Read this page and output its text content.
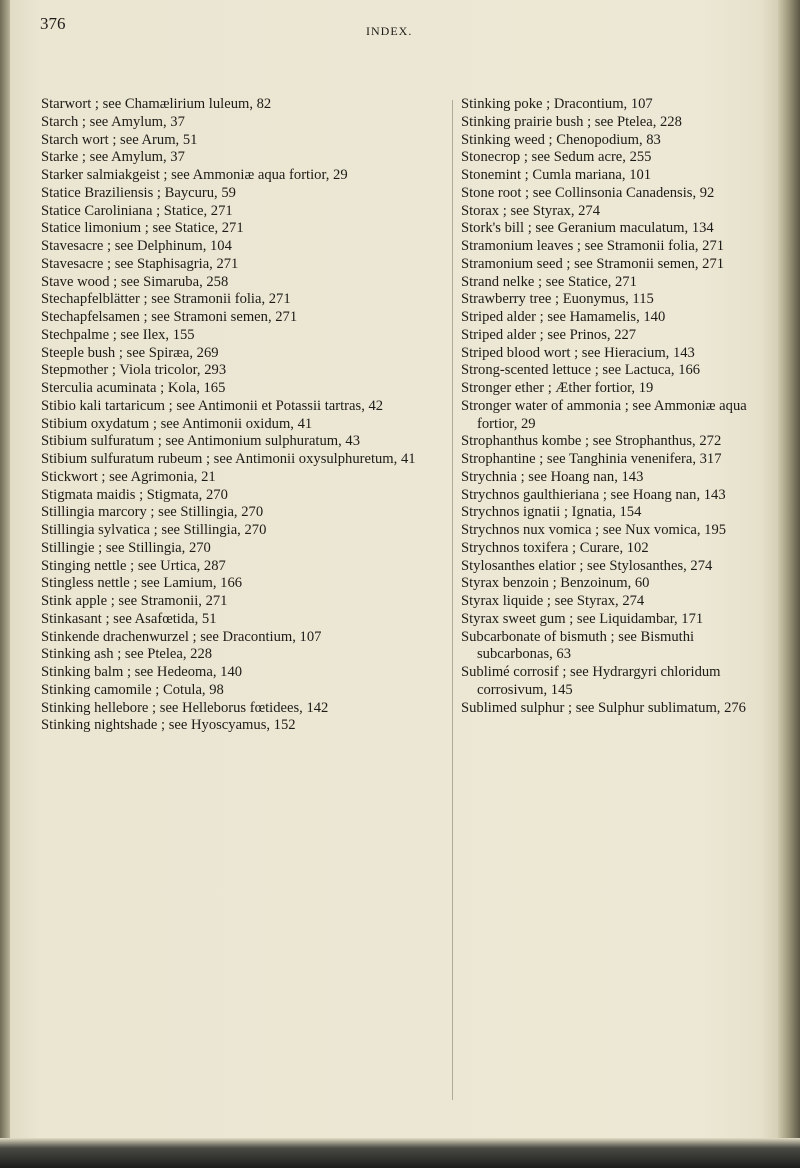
376	INDEX.

Starwort ; see Chamælirium luleum, 82

Starch ; see Amylum, 37

Starch wort ; see Arum, 51

Starke ; see Amylum, 37

Starker salmiakgeist ; see Ammoniæ aqua fortior, 29

Statice Braziliensis ; Baycuru, 59

Statice Caroliniana ; Statice, 271

Statice limonium ; see Statice, 271

Stavesacre ; see Delphinum, 104

Stavesacre ; see Staphisagria, 271

Stave wood ; see Simaruba, 258

Stechapfelblätter ; see Stramonii folia, 271

Stechapfelsamen ; see Stramoni semen, 271

Stechpalme ; see Ilex, 155

Steeple bush ; see Spiræa, 269

Stepmother ; Viola tricolor, 293

Sterculia acuminata ; Kola, 165

Stibio kali tartaricum ; see Antimonii et Potassii tartras, 42

Stibium oxydatum ; see Antimonii oxidum, 41

Stibium sulfuratum ; see Antimonium sulphuratum, 43

Stibium sulfuratum rubeum ; see Antimonii oxysulphuretum, 41

Stickwort ; see Agrimonia, 21

Stigmata maidis ; Stigmata, 270

Stillingia marcory ; see Stillingia, 270

Stillingia sylvatica ; see Stillingia, 270

Stillingie ; see Stillingia, 270

Stinging nettle ; see Urtica, 287

Stingless nettle ; see Lamium, 166

Stink apple ; see Stramonii, 271

Stinkasant ; see Asafœtida, 51

Stinkende drachenwurzel ; see Dracontium, 107

Stinking ash ; see Ptelea, 228

Stinking balm ; see Hedeoma, 140

Stinking camomile ; Cotula, 98

Stinking hellebore ; see Helleborus fœtidees, 142

Stinking nightshade ; see Hyoscyamus, 152

Stinking poke ; Dracontium, 107

Stinking prairie bush ; see Ptelea, 228

Stinking weed ; Chenopodium, 83

Stonecrop ; see Sedum acre, 255

Stonemint ; Cumla mariana, 101

Stone root ; see Collinsonia Canadensis, 92

Storax ; see Styrax, 274

Stork's bill ; see Geranium maculatum, 134

Stramonium leaves ; see Stramonii folia, 271

Stramonium seed ; see Stramonii semen, 271

Strand nelke ; see Statice, 271

Strawberry tree ; Euonymus, 115

Striped alder ; see Hamamelis, 140

Striped alder ; see Prinos, 227

Striped blood wort ; see Hieracium, 143

Strong-scented lettuce ; see Lactuca, 166

Stronger ether ; Æther fortior, 19

Stronger water of ammonia ; see Ammoniæ aqua fortior, 29

Strophanthus kombe ; see Strophanthus, 272

Strophantine ; see Tanghinia venenifera, 317

Strychnia ; see Hoang nan, 143

Strychnos gaulthieriana ; see Hoang nan, 143

Strychnos ignatii ; Ignatia, 154

Strychnos nux vomica ; see Nux vomica, 195

Strychnos toxifera ; Curare, 102

Stylosanthes elatior ; see Stylosanthes, 274

Styrax benzoin ; Benzoinum, 60

Styrax liquide ; see Styrax, 274

Styrax sweet gum ; see Liquidambar, 171

Subcarbonate of bismuth ; see Bismuthi subcarbonas, 63

Sublimé corrosif ; see Hydrargyri chloridum corrosivum, 145

Sublimed sulphur ; see Sulphur sublimatum, 276
